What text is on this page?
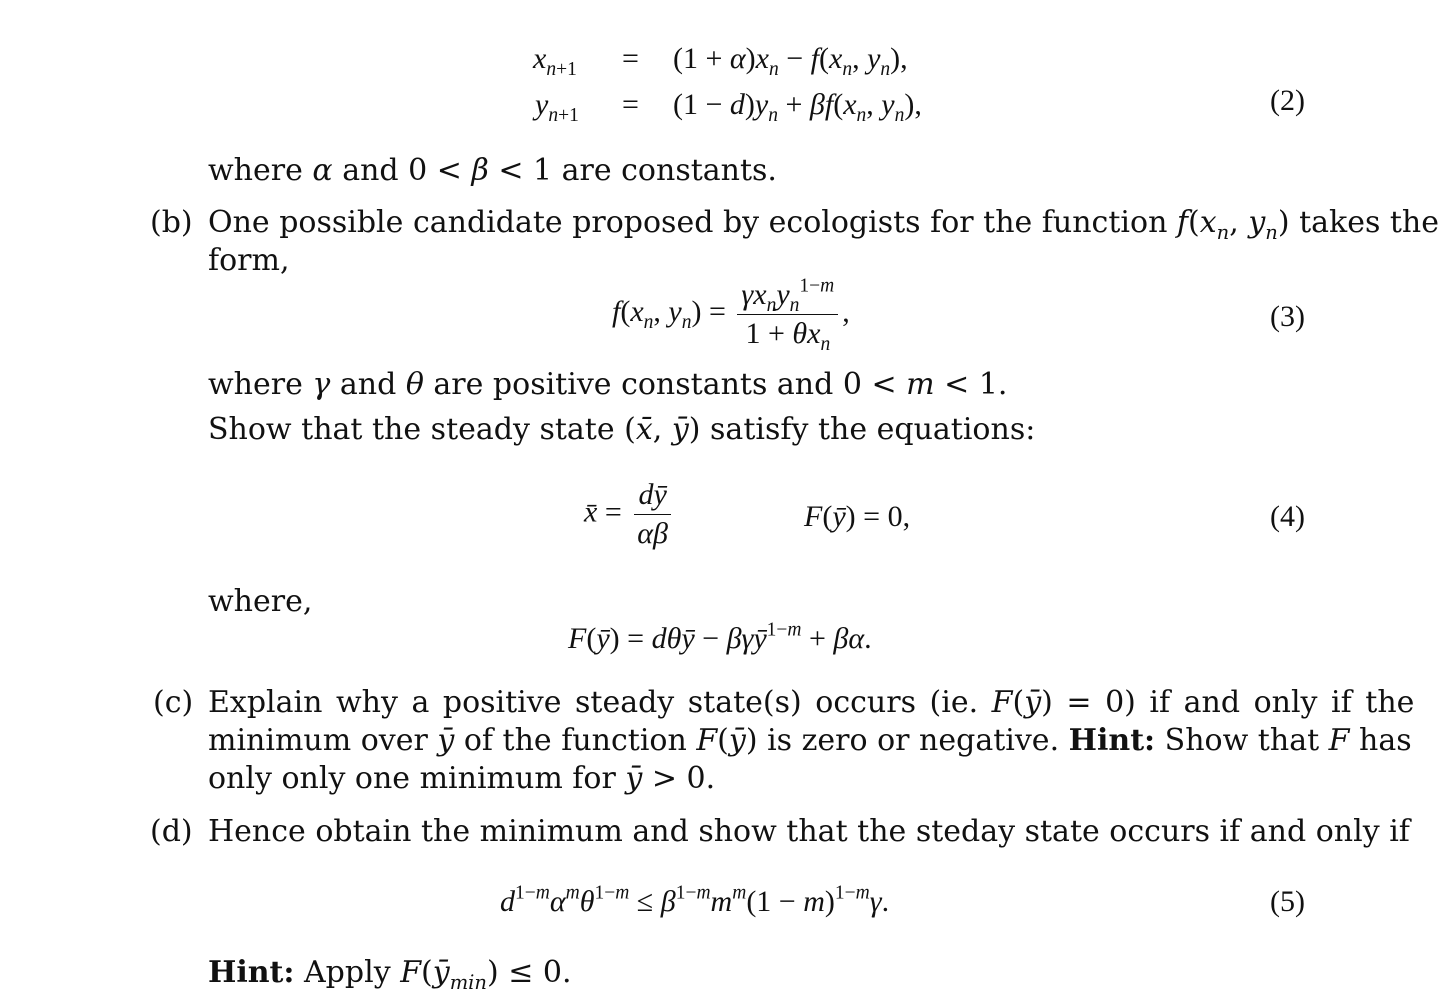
$x_{n+1} = (1 + \alpha)x_n - f(x_n$, $y_n$),
$y_{n+1} = (1 - d)y_n + \beta f(x_n$, $y_n$),	(2)
where α and 0 < β < 1 are constants.
(b) One possible candidate proposed by ecologists for the function $f(x_n$, $y_n$) takes the
form,
$f(x_n$, $y_n) = \frac{\gamma x_ny_n^{1-m}}{1 + \theta x_n}$ ,	(3)
where γ and θ are positive constants and 0 < m < 1.
Show that the steady state (x̄, ȳ) satisfy the equations:
x̄ = $\frac{dȳ}{\alpha\beta}$	F(ȳ) = 0,	(4)
where,
F(ȳ) = dθȳ − βγȳ$^{1-m}$ + βα.
(c) Explain why a positive steady state(s) occurs (ie. F(ȳ) = 0) if and only if the
minimum over ȳ of the function F(ȳ) is zero or negative. Hint: Show that F has
only only one minimum for ȳ > 0.
(d) Hence obtain the minimum and show that the steday state occurs if and only if
$d^{1-m}\alpha^m\theta^{1-m} \le \beta^{1-m}m^m(1 - m)^{1-m}\gamma$.	(5)
Hint: Apply $F(ȳ_{min}) \le 0$.
